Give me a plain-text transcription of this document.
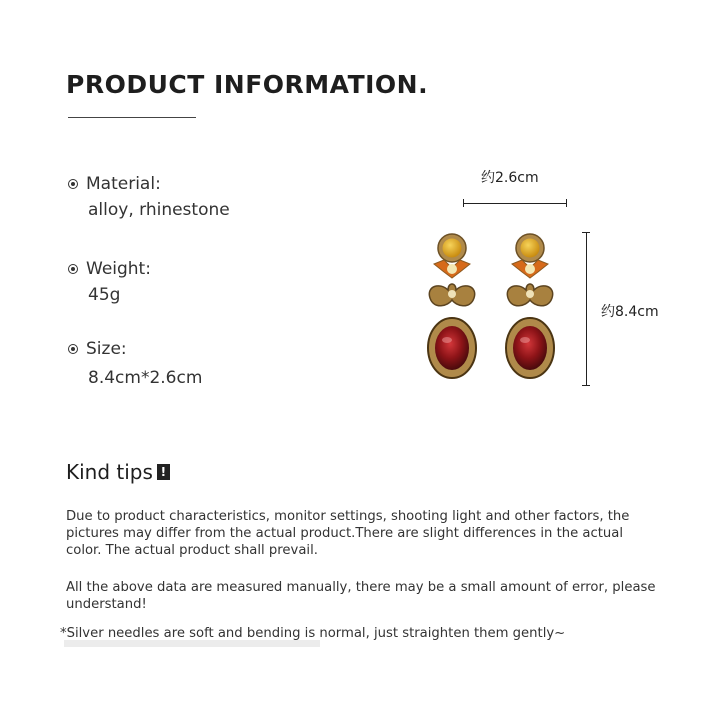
PRODUCT INFORMATION.
Material:
alloy, rhinestone
Weight:
45g
Size:
8.4cm*2.6cm
约2.6cm
约8.4cm
Kind tips !

Due to product characteristics, monitor settings, shooting light and other factors, the pictures may differ from the actual product.There are slight differences in the actual color. The actual product shall prevail.

All the above data are measured manually, there may be a small amount of error, please understand!

*Silver needles are soft and bending is normal, just straighten them gently~
